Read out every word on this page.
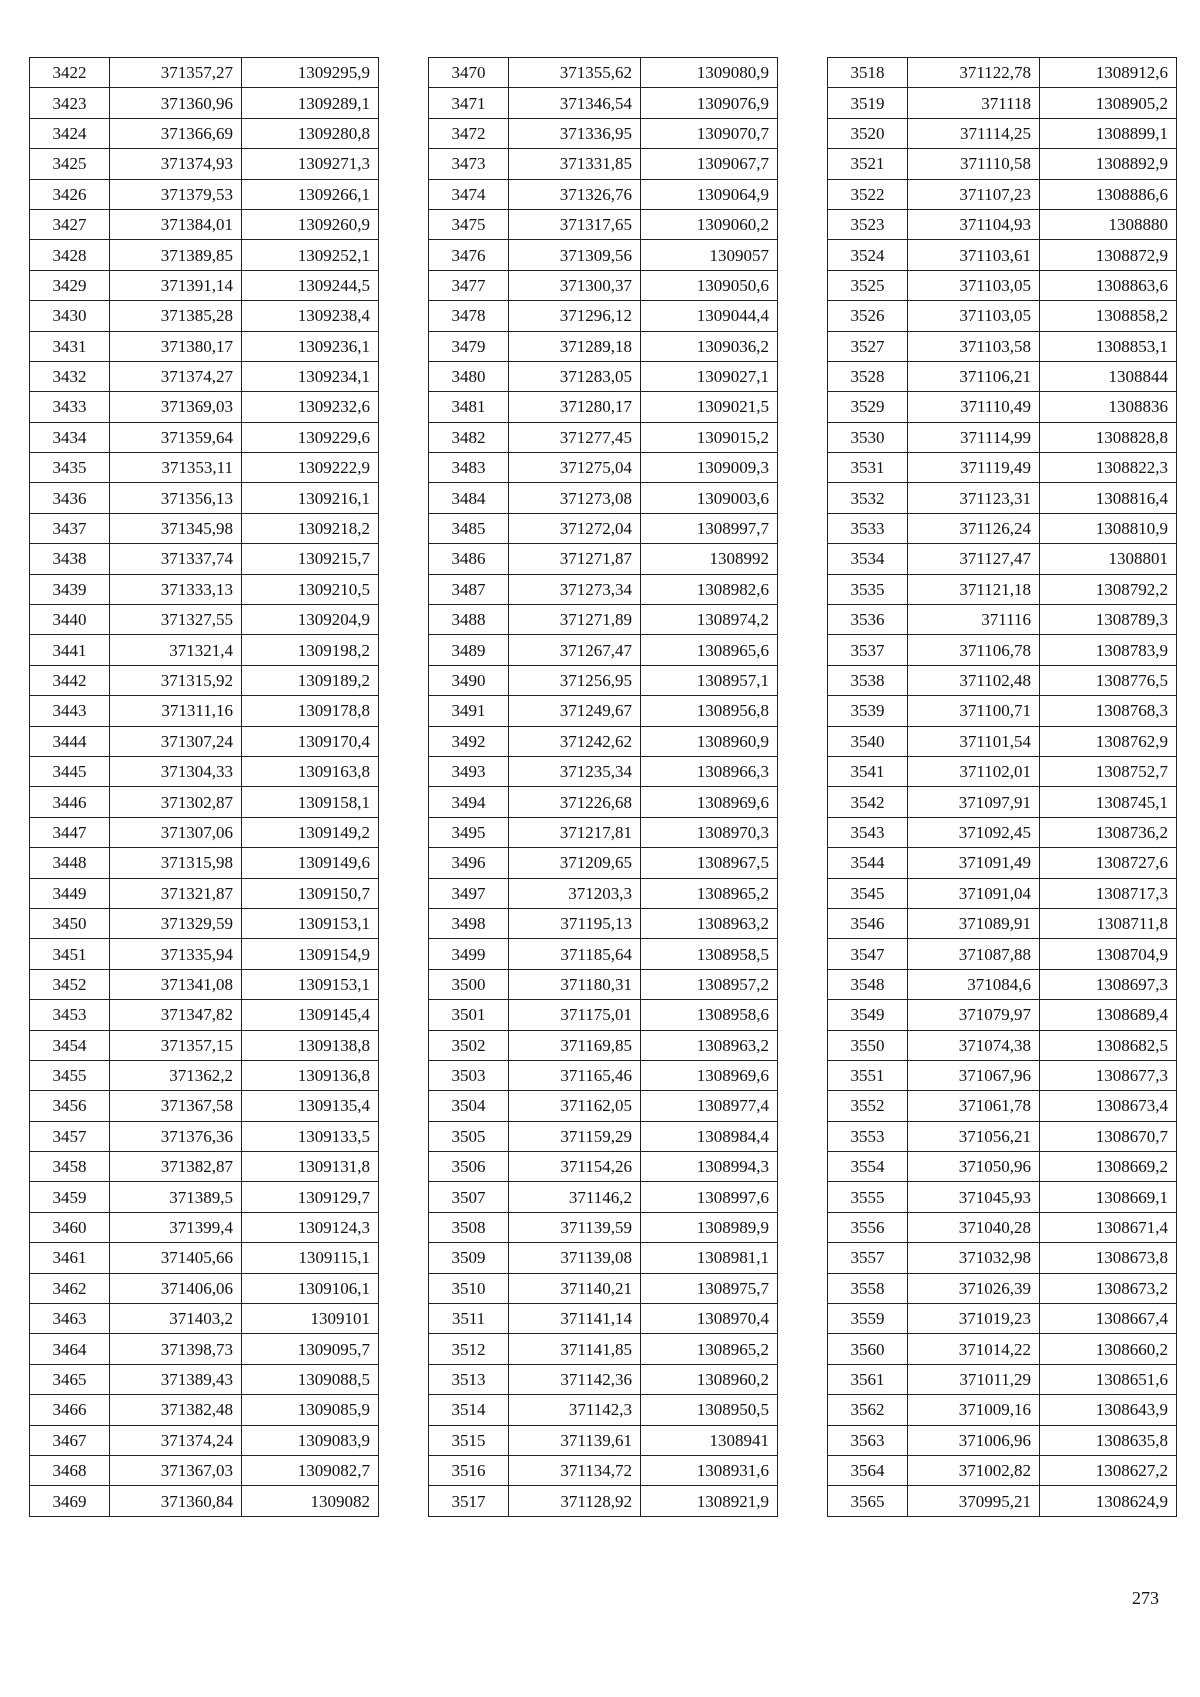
3422	371357,27	1309295,9
3423	371360,96	1309289,1
3424	371366,69	1309280,8
3425	371374,93	1309271,3
3426	371379,53	1309266,1
3427	371384,01	1309260,9
3428	371389,85	1309252,1
3429	371391,14	1309244,5
3430	371385,28	1309238,4
3431	371380,17	1309236,1
3432	371374,27	1309234,1
3433	371369,03	1309232,6
3434	371359,64	1309229,6
3435	371353,11	1309222,9
3436	371356,13	1309216,1
3437	371345,98	1309218,2
3438	371337,74	1309215,7
3439	371333,13	1309210,5
3440	371327,55	1309204,9
3441	371321,4	1309198,2
3442	371315,92	1309189,2
3443	371311,16	1309178,8
3444	371307,24	1309170,4
3445	371304,33	1309163,8
3446	371302,87	1309158,1
3447	371307,06	1309149,2
3448	371315,98	1309149,6
3449	371321,87	1309150,7
3450	371329,59	1309153,1
3451	371335,94	1309154,9
3452	371341,08	1309153,1
3453	371347,82	1309145,4
3454	371357,15	1309138,8
3455	371362,2	1309136,8
3456	371367,58	1309135,4
3457	371376,36	1309133,5
3458	371382,87	1309131,8
3459	371389,5	1309129,7
3460	371399,4	1309124,3
3461	371405,66	1309115,1
3462	371406,06	1309106,1
3463	371403,2	1309101
3464	371398,73	1309095,7
3465	371389,43	1309088,5
3466	371382,48	1309085,9
3467	371374,24	1309083,9
3468	371367,03	1309082,7
3469	371360,84	1309082
3470	371355,62	1309080,9
3471	371346,54	1309076,9
3472	371336,95	1309070,7
3473	371331,85	1309067,7
3474	371326,76	1309064,9
3475	371317,65	1309060,2
3476	371309,56	1309057
3477	371300,37	1309050,6
3478	371296,12	1309044,4
3479	371289,18	1309036,2
3480	371283,05	1309027,1
3481	371280,17	1309021,5
3482	371277,45	1309015,2
3483	371275,04	1309009,3
3484	371273,08	1309003,6
3485	371272,04	1308997,7
3486	371271,87	1308992
3487	371273,34	1308982,6
3488	371271,89	1308974,2
3489	371267,47	1308965,6
3490	371256,95	1308957,1
3491	371249,67	1308956,8
3492	371242,62	1308960,9
3493	371235,34	1308966,3
3494	371226,68	1308969,6
3495	371217,81	1308970,3
3496	371209,65	1308967,5
3497	371203,3	1308965,2
3498	371195,13	1308963,2
3499	371185,64	1308958,5
3500	371180,31	1308957,2
3501	371175,01	1308958,6
3502	371169,85	1308963,2
3503	371165,46	1308969,6
3504	371162,05	1308977,4
3505	371159,29	1308984,4
3506	371154,26	1308994,3
3507	371146,2	1308997,6
3508	371139,59	1308989,9
3509	371139,08	1308981,1
3510	371140,21	1308975,7
3511	371141,14	1308970,4
3512	371141,85	1308965,2
3513	371142,36	1308960,2
3514	371142,3	1308950,5
3515	371139,61	1308941
3516	371134,72	1308931,6
3517	371128,92	1308921,9
3518	371122,78	1308912,6
3519	371118	1308905,2
3520	371114,25	1308899,1
3521	371110,58	1308892,9
3522	371107,23	1308886,6
3523	371104,93	1308880
3524	371103,61	1308872,9
3525	371103,05	1308863,6
3526	371103,05	1308858,2
3527	371103,58	1308853,1
3528	371106,21	1308844
3529	371110,49	1308836
3530	371114,99	1308828,8
3531	371119,49	1308822,3
3532	371123,31	1308816,4
3533	371126,24	1308810,9
3534	371127,47	1308801
3535	371121,18	1308792,2
3536	371116	1308789,3
3537	371106,78	1308783,9
3538	371102,48	1308776,5
3539	371100,71	1308768,3
3540	371101,54	1308762,9
3541	371102,01	1308752,7
3542	371097,91	1308745,1
3543	371092,45	1308736,2
3544	371091,49	1308727,6
3545	371091,04	1308717,3
3546	371089,91	1308711,8
3547	371087,88	1308704,9
3548	371084,6	1308697,3
3549	371079,97	1308689,4
3550	371074,38	1308682,5
3551	371067,96	1308677,3
3552	371061,78	1308673,4
3553	371056,21	1308670,7
3554	371050,96	1308669,2
3555	371045,93	1308669,1
3556	371040,28	1308671,4
3557	371032,98	1308673,8
3558	371026,39	1308673,2
3559	371019,23	1308667,4
3560	371014,22	1308660,2
3561	371011,29	1308651,6
3562	371009,16	1308643,9
3563	371006,96	1308635,8
3564	371002,82	1308627,2
3565	370995,21	1308624,9
273
